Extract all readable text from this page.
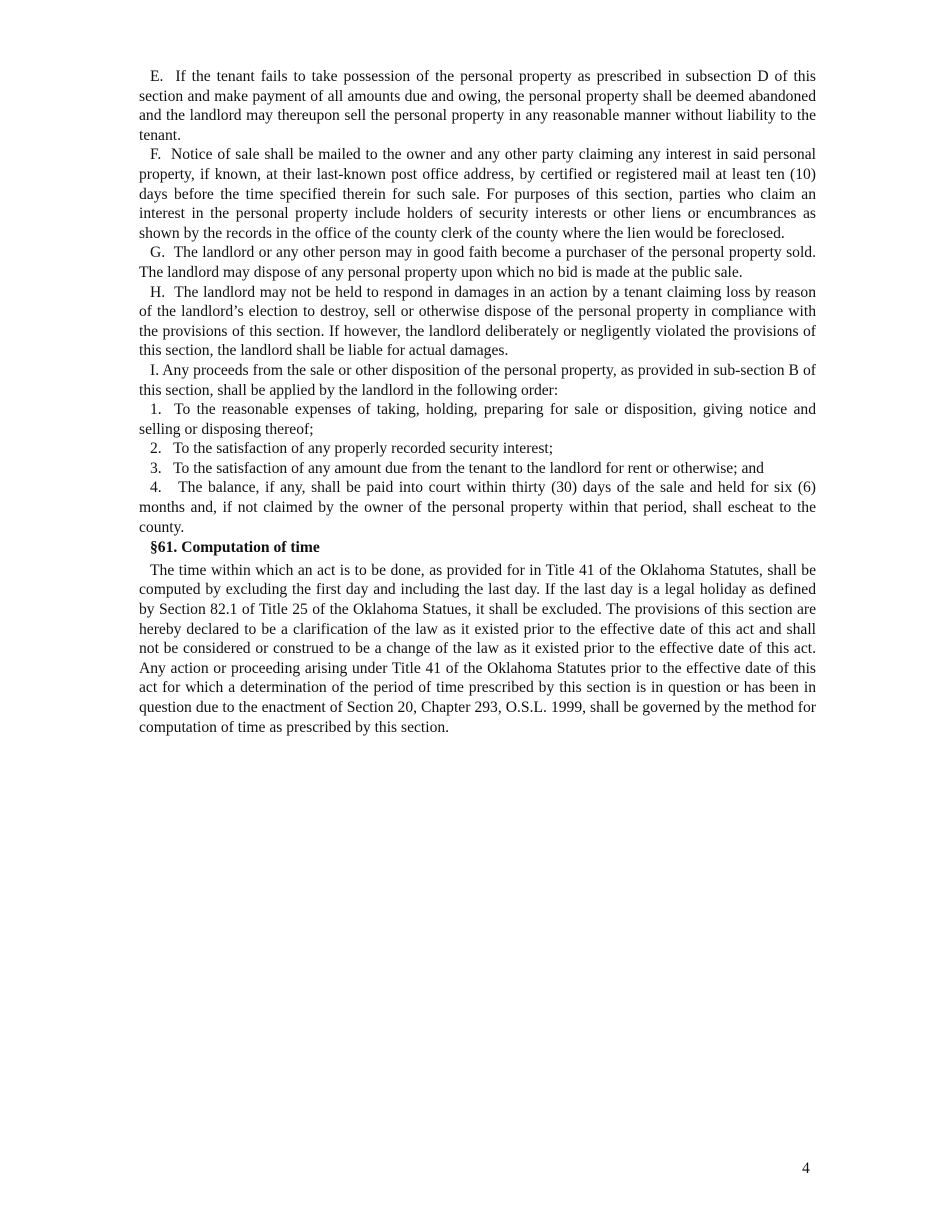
E.  If the tenant fails to take possession of the personal property as prescribed in subsection D of this section and make payment of all amounts due and owing, the personal property shall be deemed abandoned and the landlord may thereupon sell the personal property in any reasonable manner without liability to the tenant.

F.  Notice of sale shall be mailed to the owner and any other party claiming any interest in said personal property, if known, at their last-known post office address, by certified or registered mail at least ten (10) days before the time specified therein for such sale. For purposes of this section, parties who claim an interest in the personal property include holders of security interests or other liens or encumbrances as shown by the records in the office of the county clerk of the county where the lien would be foreclosed.

G.  The landlord or any other person may in good faith become a purchaser of the personal property sold. The landlord may dispose of any personal property upon which no bid is made at the public sale.

H.  The landlord may not be held to respond in damages in an action by a tenant claiming loss by reason of the landlord’s election to destroy, sell or otherwise dispose of the personal property in compliance with the provisions of this section. If however, the landlord deliberately or negligently violated the provisions of this section, the landlord shall be liable for actual damages.

I. Any proceeds from the sale or other disposition of the personal property, as provided in sub-section B of this section, shall be applied by the landlord in the following order:

1.  To the reasonable expenses of taking, holding, preparing for sale or disposition, giving notice and selling or disposing thereof;

2.   To the satisfaction of any properly recorded security interest;

3.   To the satisfaction of any amount due from the tenant to the landlord for rent or otherwise; and

4.   The balance, if any, shall be paid into court within thirty (30) days of the sale and held for six (6) months and, if not claimed by the owner of the personal property within that period, shall escheat to the county.

§61. Computation of time

The time within which an act is to be done, as provided for in Title 41 of the Oklahoma Statutes, shall be computed by excluding the first day and including the last day. If the last day is a legal holiday as defined by Section 82.1 of Title 25 of the Oklahoma Statues, it shall be excluded. The provisions of this section are hereby declared to be a clarification of the law as it existed prior to the effective date of this act and shall not be considered or construed to be a change of the law as it existed prior to the effective date of this act. Any action or proceeding arising under Title 41 of the Oklahoma Statutes prior to the effective date of this act for which a determination of the period of time prescribed by this section is in question or has been in question due to the enactment of Section 20, Chapter 293, O.S.L. 1999, shall be governed by the method for computation of time as prescribed by this section.

4
